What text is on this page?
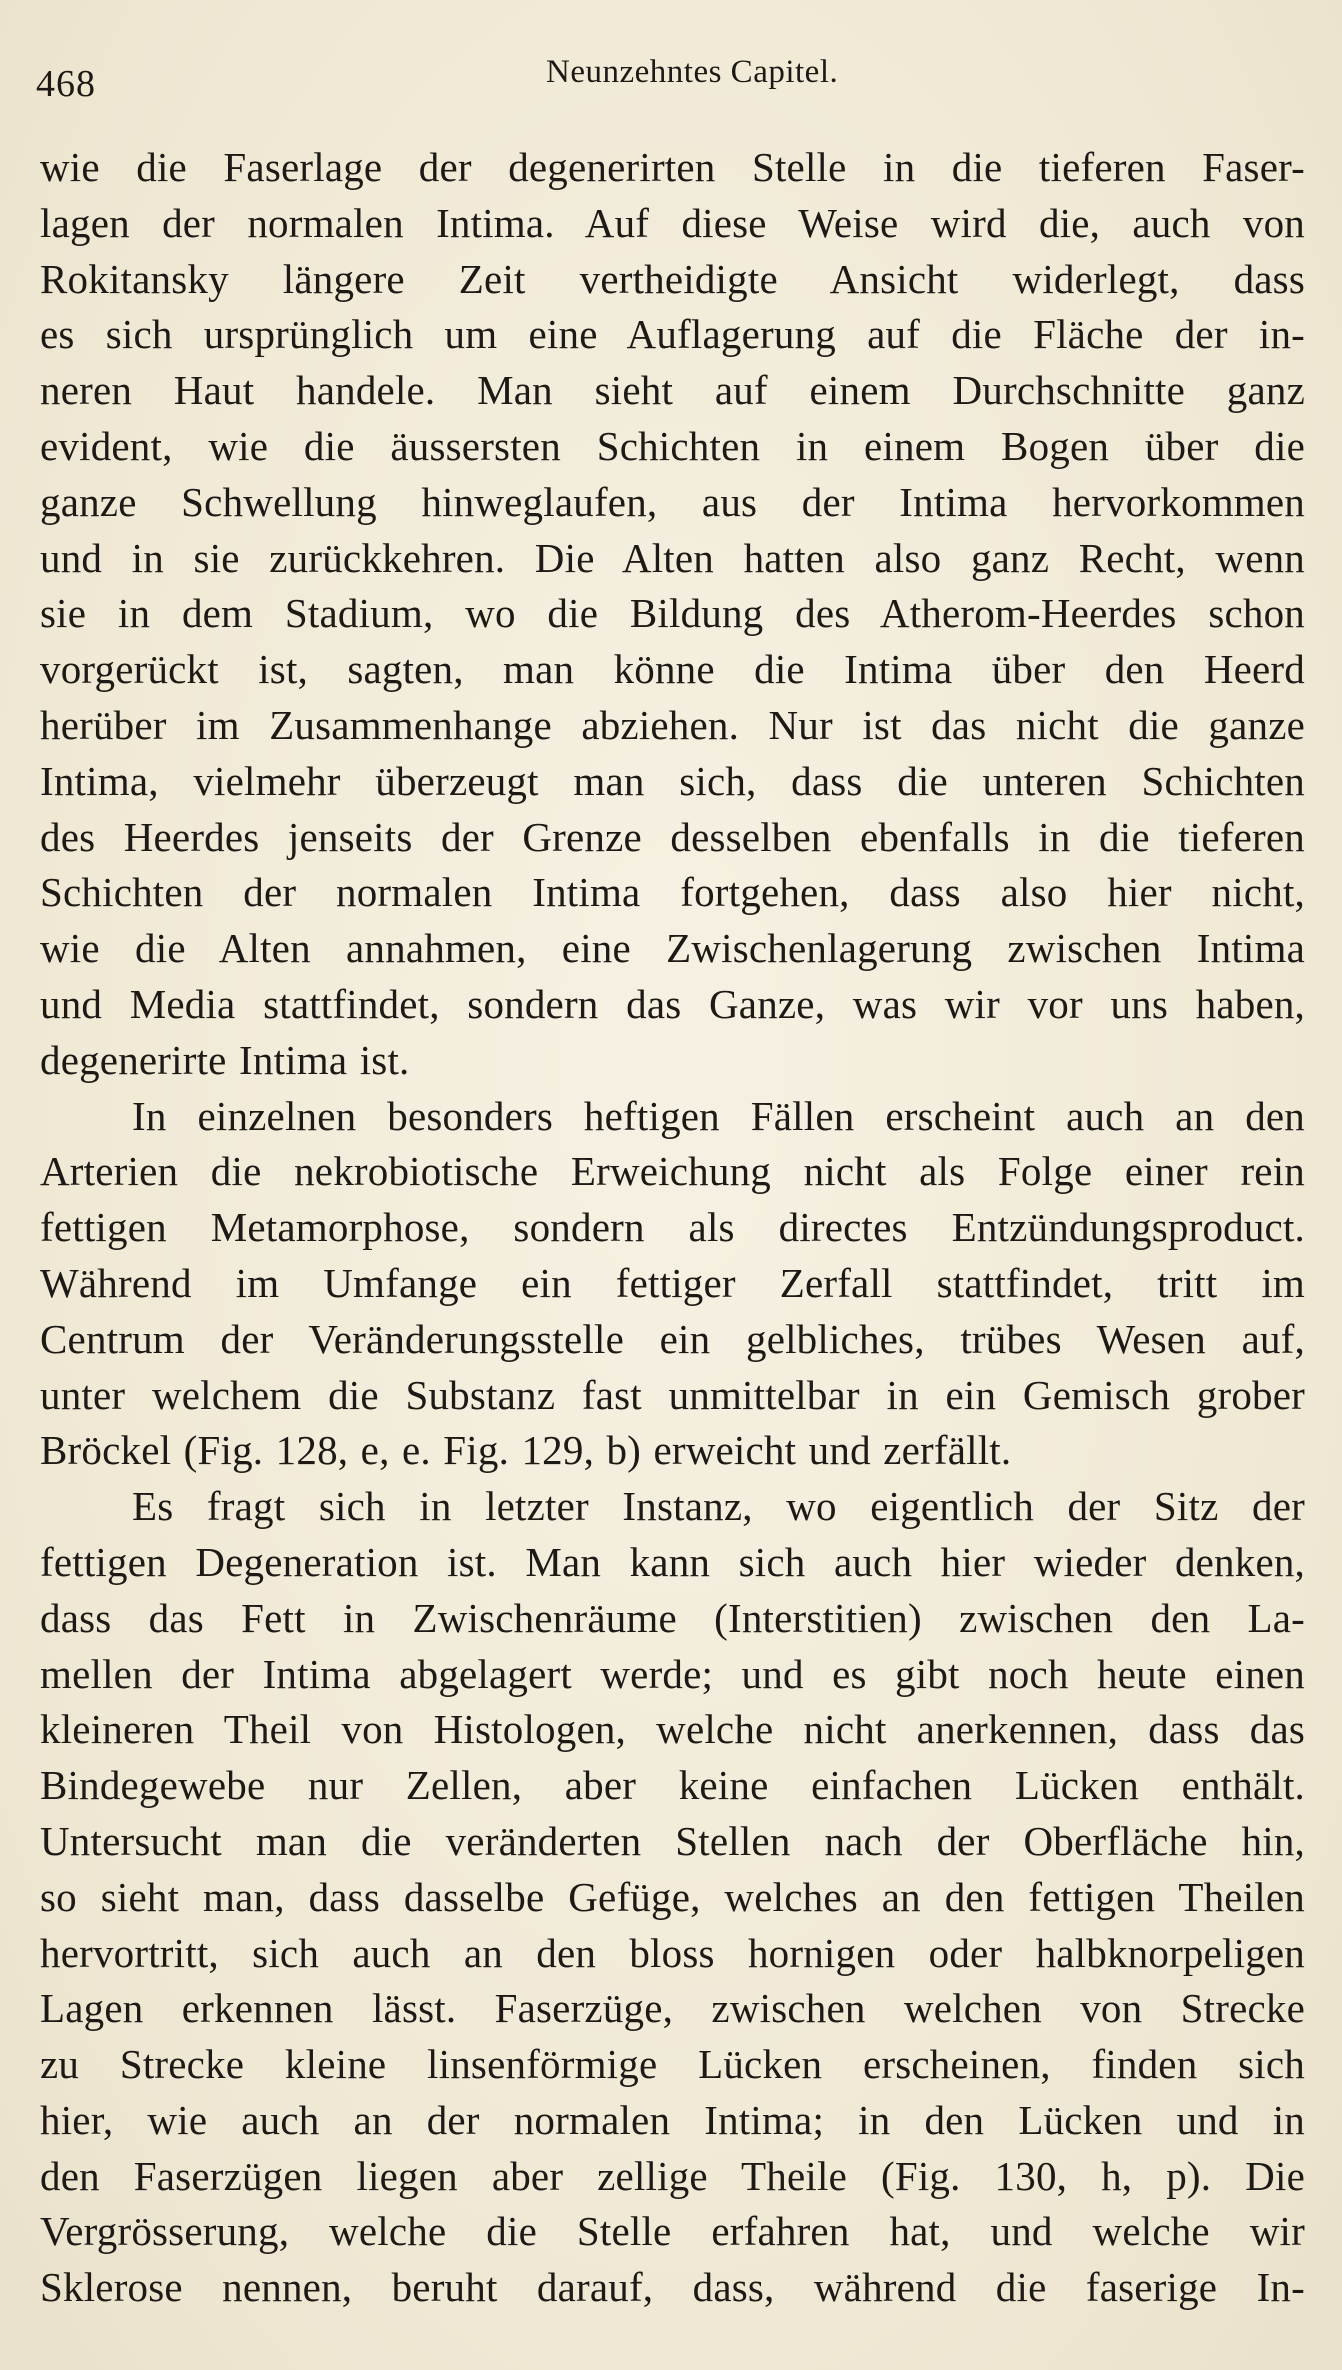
468	Neunzehntes Capitel.
wie die Faserlage der degenerirten Stelle in die tieferen Faser-
lagen der normalen Intima. Auf diese Weise wird die, auch von
Rokitansky längere Zeit vertheidigte Ansicht widerlegt, dass
es sich ursprünglich um eine Auflagerung auf die Fläche der in-
neren Haut handele. Man sieht auf einem Durchschnitte ganz
evident, wie die äussersten Schichten in einem Bogen über die
ganze Schwellung hinweglaufen, aus der Intima hervorkommen
und in sie zurückkehren. Die Alten hatten also ganz Recht, wenn
sie in dem Stadium, wo die Bildung des Atherom-Heerdes schon
vorgerückt ist, sagten, man könne die Intima über den Heerd
herüber im Zusammenhange abziehen. Nur ist das nicht die ganze
Intima, vielmehr überzeugt man sich, dass die unteren Schichten
des Heerdes jenseits der Grenze desselben ebenfalls in die tieferen
Schichten der normalen Intima fortgehen, dass also hier nicht,
wie die Alten annahmen, eine Zwischenlagerung zwischen Intima
und Media stattfindet, sondern das Ganze, was wir vor uns haben,
degenerirte Intima ist.
In einzelnen besonders heftigen Fällen erscheint auch an den
Arterien die nekrobiotische Erweichung nicht als Folge einer rein
fettigen Metamorphose, sondern als directes Entzündungsproduct.
Während im Umfange ein fettiger Zerfall stattfindet, tritt im
Centrum der Veränderungsstelle ein gelbliches, trübes Wesen auf,
unter welchem die Substanz fast unmittelbar in ein Gemisch grober
Bröckel (Fig. 128, e, e. Fig. 129, b) erweicht und zerfällt.
Es fragt sich in letzter Instanz, wo eigentlich der Sitz der
fettigen Degeneration ist. Man kann sich auch hier wieder denken,
dass das Fett in Zwischenräume (Interstitien) zwischen den La-
mellen der Intima abgelagert werde; und es gibt noch heute einen
kleineren Theil von Histologen, welche nicht anerkennen, dass das
Bindegewebe nur Zellen, aber keine einfachen Lücken enthält.
Untersucht man die veränderten Stellen nach der Oberfläche hin,
so sieht man, dass dasselbe Gefüge, welches an den fettigen Theilen
hervortritt, sich auch an den bloss hornigen oder halbknorpeligen
Lagen erkennen lässt. Faserzüge, zwischen welchen von Strecke
zu Strecke kleine linsenförmige Lücken erscheinen, finden sich
hier, wie auch an der normalen Intima; in den Lücken und in
den Faserzügen liegen aber zellige Theile (Fig. 130, h, p). Die
Vergrösserung, welche die Stelle erfahren hat, und welche wir
Sklerose nennen, beruht darauf, dass, während die faserige In-
